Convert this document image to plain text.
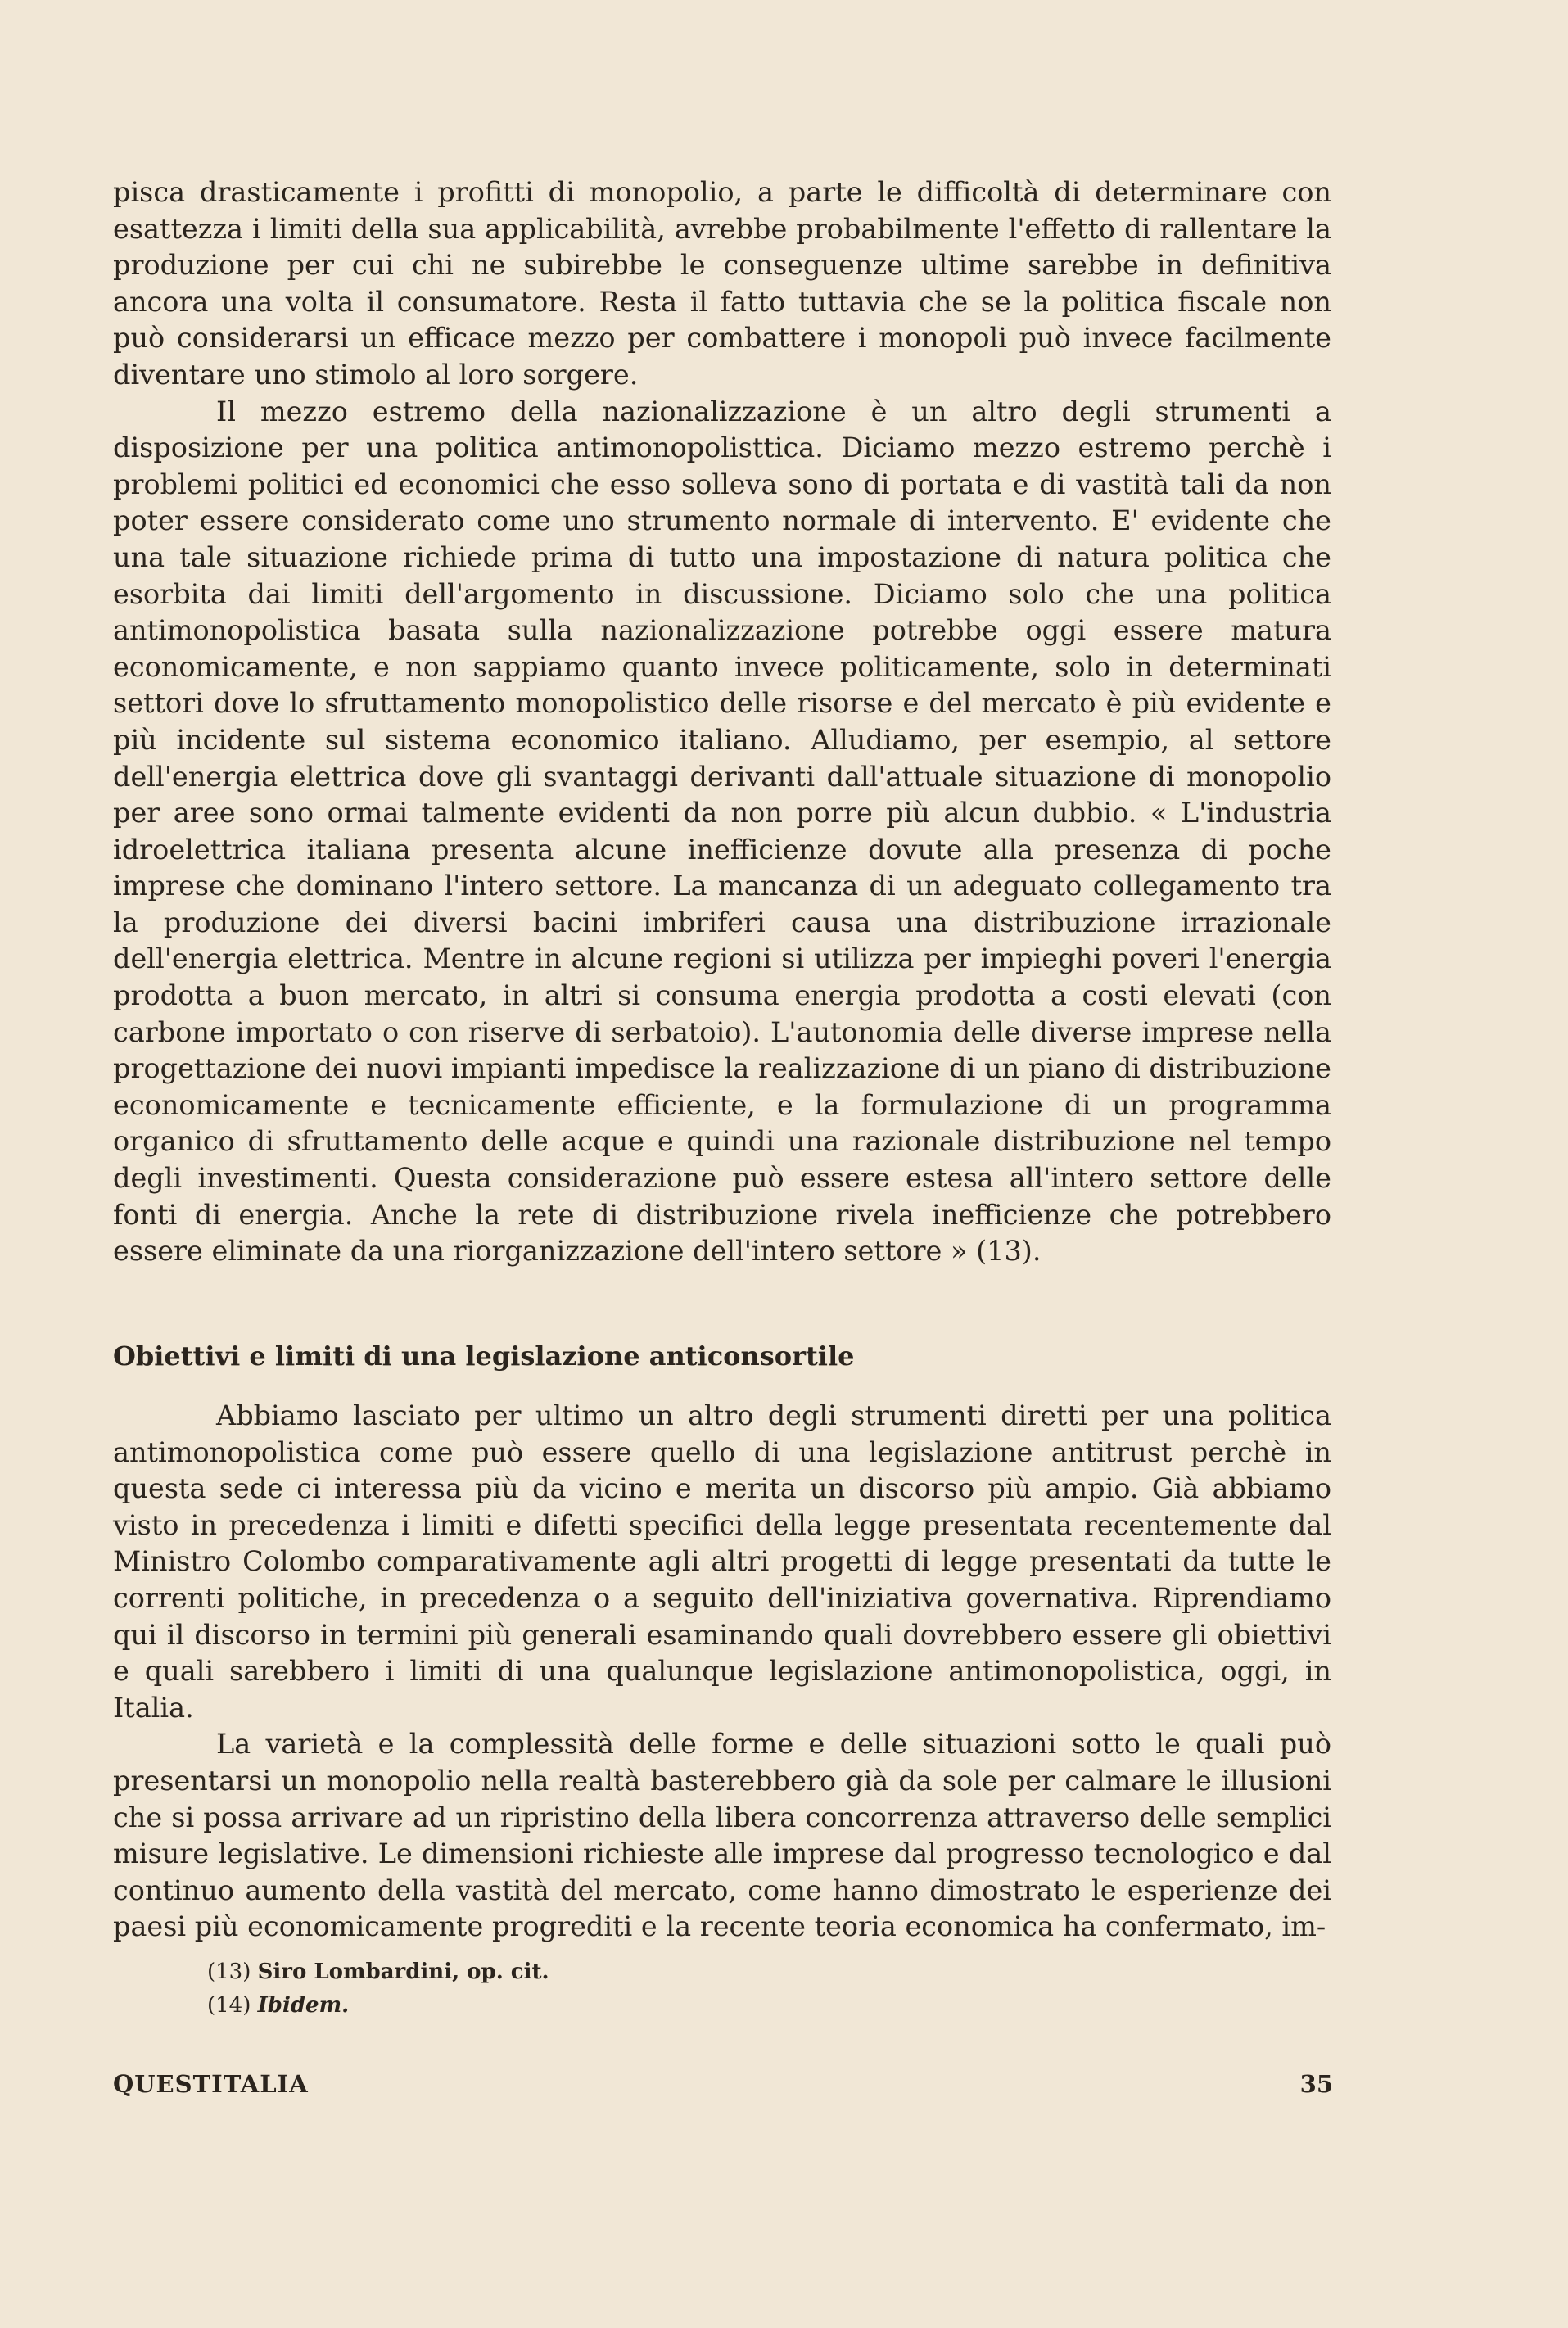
pisca drasticamente i profitti di monopolio, a parte le difficoltà di determinare con esattezza i limiti della sua applicabilità, avrebbe probabilmente l'effetto di rallentare la produzione per cui chi ne subirebbe le conseguenze ultime sarebbe in definitiva ancora una volta il consumatore. Resta il fatto tuttavia che se la politica fiscale non può considerarsi un efficace mezzo per combattere i monopoli può invece facilmente diventare uno stimolo al loro sorgere.

Il mezzo estremo della nazionalizzazione è un altro degli strumenti a disposizione per una politica antimonopolisttica. Diciamo mezzo estremo perchè i problemi politici ed economici che esso solleva sono di portata e di vastità tali da non poter essere considerato come uno strumento normale di intervento. E' evidente che una tale situazione richiede prima di tutto una impostazione di natura politica che esorbita dai limiti dell'argomento in discussione. Diciamo solo che una politica antimonopolistica basata sulla nazionalizzazione potrebbe oggi essere matura economicamente, e non sappiamo quanto invece politicamente, solo in determinati settori dove lo sfruttamento monopolistico delle risorse e del mercato è più evidente e più incidente sul sistema economico italiano. Alludiamo, per esempio, al settore dell'energia elettrica dove gli svantaggi derivanti dall'attuale situazione di monopolio per aree sono ormai talmente evidenti da non porre più alcun dubbio. « L'industria idroelettrica italiana presenta alcune inefficienze dovute alla presenza di poche imprese che dominano l'intero settore. La mancanza di un adeguato collegamento tra la produzione dei diversi bacini imbriferi causa una distribuzione irrazionale dell'energia elettrica. Mentre in alcune regioni si utilizza per impieghi poveri l'energia prodotta a buon mercato, in altri si consuma energia prodotta a costi elevati (con carbone importato o con riserve di serbatoio). L'autonomia delle diverse imprese nella progettazione dei nuovi impianti impedisce la realizzazione di un piano di distribuzione economicamente e tecnicamente efficiente, e la formulazione di un programma organico di sfruttamento delle acque e quindi una razionale distribuzione nel tempo degli investimenti. Questa considerazione può essere estesa all'intero settore delle fonti di energia. Anche la rete di distribuzione rivela inefficienze che potrebbero essere eliminate da una riorganizzazione dell'intero settore » (13).

Obiettivi e limiti di una legislazione anticonsortile

Abbiamo lasciato per ultimo un altro degli strumenti diretti per una politica antimonopolistica come può essere quello di una legislazione antitrust perchè in questa sede ci interessa più da vicino e merita un discorso più ampio. Già abbiamo visto in precedenza i limiti e difetti specifici della legge presentata recentemente dal Ministro Colombo comparativamente agli altri progetti di legge presentati da tutte le correnti politiche, in precedenza o a seguito dell'iniziativa governativa. Riprendiamo qui il discorso in termini più generali esaminando quali dovrebbero essere gli obiettivi e quali sarebbero i limiti di una qualunque legislazione antimonopolistica, oggi, in Italia.

La varietà e la complessità delle forme e delle situazioni sotto le quali può presentarsi un monopolio nella realtà basterebbero già da sole per calmare le illusioni che si possa arrivare ad un ripristino della libera concorrenza attraverso delle semplici misure legislative. Le dimensioni richieste alle imprese dal progresso tecnologico e dal continuo aumento della vastità del mercato, come hanno dimostrato le esperienze dei paesi più economicamente progrediti e la recente teoria economica ha confermato, im-

(13) Siro Lombardini, op. cit.

(14) Ibidem.

QUESTITALIA	35
